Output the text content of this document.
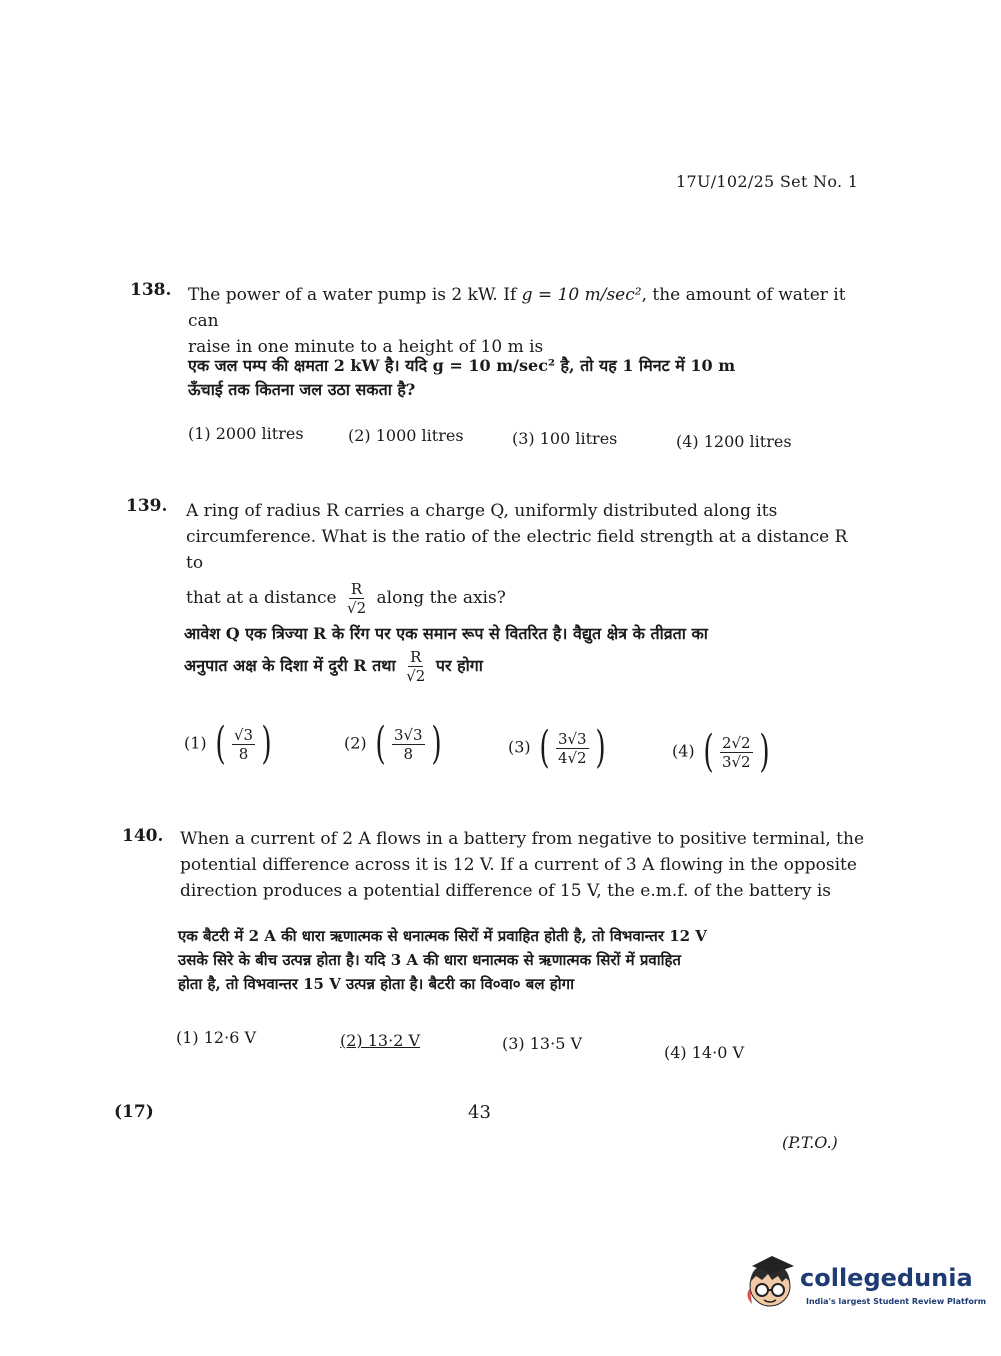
17U/102/25 Set No. 1
138. The power of a water pump is 2 kW. If g = 10 m/sec², the amount of water it can
raise in one minute to a height of 10 m is
एक जल पम्प की क्षमता 2 kW है। यदि g = 10 m/sec² है, तो यह 1 मिनट में 10 m
ऊँचाई तक कितना जल उठा सकता है?
(1) 2000 litres	(2) 1000 litres	(3) 100 litres	(4) 1200 litres
139. A ring of radius R carries a charge Q, uniformly distributed along its
circumference. What is the ratio of the electric field strength at a distance R to
that at a distance $\frac{R}{√2}$ along the axis?
आवेश Q एक त्रिज्या R के रिंग पर एक समान रूप से वितरित है। वैद्युत क्षेत्र के तीव्रता का
अनुपात अक्ष के दिशा में दुरी R तथा $\frac{R}{√2}$ पर होगा
(1) ( $\frac{√3}{8}$ )	(2) ( $\frac{3√3}{8}$ )	(3) ( $\frac{3√3}{4√2}$ )	(4) ( $\frac{2√2}{3√2}$ )
140. When a current of 2 A flows in a battery from negative to positive terminal, the
potential difference across it is 12 V. If a current of 3 A flowing in the opposite
direction produces a potential difference of 15 V, the e.m.f. of the battery is
एक बैटरी में 2 A की धारा ऋणात्मक से धनात्मक सिरों में प्रवाहित होती है, तो विभवान्तर 12 V
उसके सिरे के बीच उत्पन्न होता है। यदि 3 A की धारा धनात्मक से ऋणात्मक सिरों में प्रवाहित
होता है, तो विभवान्तर 15 V उत्पन्न होता है। बैटरी का वि०वा० बल होगा
(1) 12·6 V	(2) 13·2 V	(3) 13·5 V	(4) 14·0 V
(17)	43
(P.T.O.)
collegedunia
India's largest Student Review Platform
